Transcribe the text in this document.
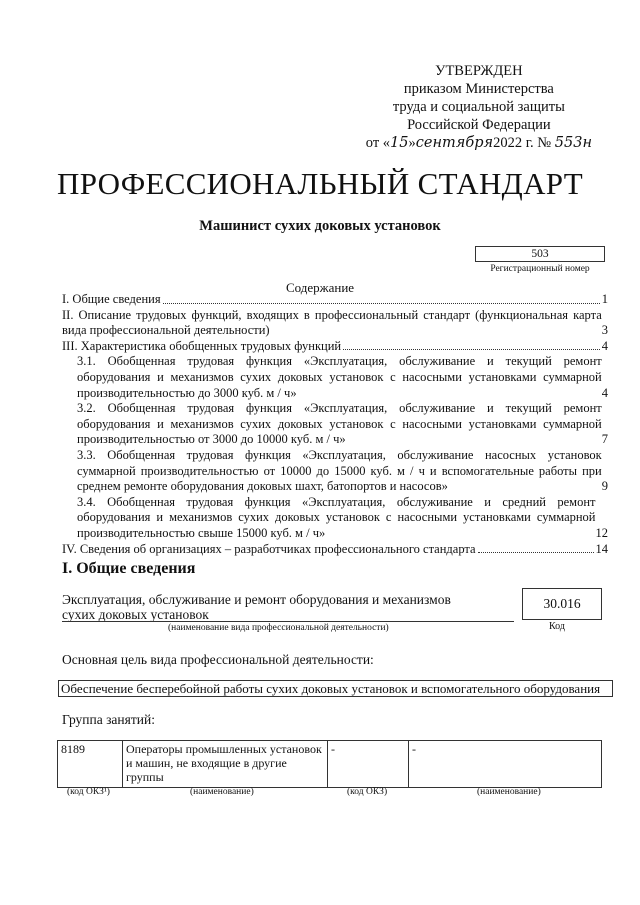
УТВЕРЖДЕН
приказом Министерства
труда и социальной защиты
Российской Федерации
от «15»сентября2022 г. № 553н
ПРОФЕССИОНАЛЬНЫЙ СТАНДАРТ
Машинист сухих доковых установок
503
Регистрационный номер
Содержание
I. Общие сведения	1
II. Описание трудовых функций, входящих в профессиональный стандарт (функциональная карта вида профессиональной деятельности)	3
III. Характеристика обобщенных трудовых функций	4
3.1. Обобщенная трудовая функция «Эксплуатация, обслуживание и текущий ремонт оборудования и механизмов сухих доковых установок с насосными установками суммарной производительностью до 3000 куб. м / ч»	4
3.2. Обобщенная трудовая функция «Эксплуатация, обслуживание и текущий ремонт оборудования и механизмов сухих доковых установок с насосными установками суммарной производительностью от 3000 до 10000 куб. м / ч»	7
3.3. Обобщенная трудовая функция «Эксплуатация, обслуживание насосных установок суммарной производительностью от 10000 до 15000 куб. м / ч и вспомогательные работы при среднем ремонте оборудования доковых шахт, батопортов и насосов»	9
3.4. Обобщенная трудовая функция «Эксплуатация, обслуживание и средний ремонт оборудования и механизмов сухих доковых установок с насосными установками суммарной производительностью свыше 15000 куб. м / ч»	12
IV. Сведения об организациях – разработчиках профессионального стандарта	14
I. Общие сведения
Эксплуатация, обслуживание и ремонт оборудования и механизмов сухих доковых установок
30.016
(наименование вида профессиональной деятельности)	Код
Основная цель вида профессиональной деятельности:
Обеспечение бесперебойной работы сухих доковых установок и вспомогательного оборудования
Группа занятий:
8189	Операторы промышленных установок и машин, не входящие в другие группы	-	-
(код ОКЗ¹)	(наименование)	(код ОКЗ)	(наименование)
